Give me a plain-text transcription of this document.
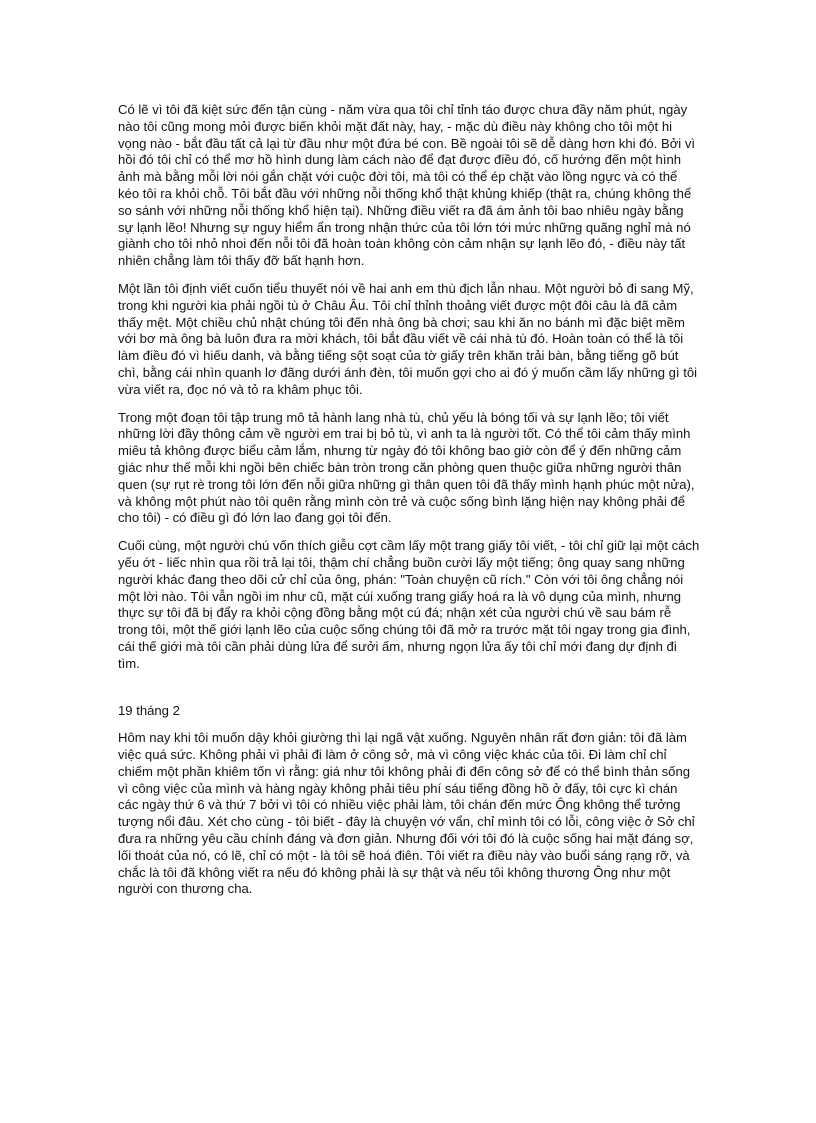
Có lẽ vì tôi đã kiệt sức đến tận cùng - năm vừa qua tôi chỉ tỉnh táo được chưa đầy năm phút, ngày nào tôi cũng mong mỏi được biến khỏi mặt đất này, hay, - mặc dù điều này không cho tôi một hi vọng nào - bắt đầu tất cả lại từ đầu như một đứa bé con. Bề ngoài tôi sẽ dễ dàng hơn khi đó. Bởi vì hồi đó tôi chỉ có thể mơ hồ hình dung làm cách nào để đạt được điều đó, cố hướng đến một hình ảnh mà bằng mỗi lời nói gắn chặt với cuộc đời tôi, mà tôi có thể ép chặt vào lồng ngực và có thể kéo tôi ra khỏi chỗ. Tôi bắt đầu với những nỗi thống khổ thật khủng khiếp (thật ra, chúng không thể so sánh với những nỗi thống khổ hiện tại). Những điều viết ra đã ám ảnh tôi bao nhiêu ngày bằng sự lạnh lẽo! Nhưng sự nguy hiểm ẩn trong nhận thức của tôi lớn tới mức những quãng nghỉ mà nó giành cho tôi nhỏ nhoi đến nỗi tôi đã hoàn toàn không còn cảm nhận sự lạnh lẽo đó, - điều này tất nhiên chẳng làm tôi thấy đỡ bất hạnh hơn.

Một lần tôi định viết cuốn tiểu thuyết nói về hai anh em thù địch lẫn nhau. Một người bỏ đi sang Mỹ, trong khi người kia phải ngồi tù ở Châu Âu. Tôi chỉ thỉnh thoảng viết được một đôi câu là đã cảm thấy mệt. Một chiều chủ nhật chúng tôi đến nhà ông bà chơi; sau khi ăn no bánh mì đặc biệt mềm với bơ mà ông bà luôn đưa ra mời khách, tôi bắt đầu viết về cái nhà tù đó. Hoàn toàn có thể là tôi làm điều đó vì hiếu danh, và bằng tiếng sột soạt của tờ giấy trên khăn trải bàn, bằng tiếng gõ bút chì, bằng cái nhìn quanh lơ đãng dưới ánh đèn, tôi muốn gợi cho ai đó ý muốn cầm lấy những gì tôi vừa viết ra, đọc nó và tỏ ra khâm phục tôi.

Trong một đoạn tôi tập trung mô tả hành lang nhà tù, chủ yếu là bóng tối và sự lạnh lẽo; tôi viết những lời đầy thông cảm về người em trai bị bỏ tù, vì anh ta là người tốt. Có thể tôi cảm thấy mình miêu tả không được biểu cảm lắm, nhưng từ ngày đó tôi không bao giờ còn để ý đến những cảm giác như thế mỗi khi ngồi bên chiếc bàn tròn trong căn phòng quen thuộc giữa những người thân quen (sự rụt rè trong tôi lớn đến nỗi giữa những gì thân quen tôi đã thấy mình hạnh phúc một nửa), và không một phút nào tôi quên rằng mình còn trẻ và cuộc sống bình lặng hiện nay không phải để cho tôi) - có điều gì đó lớn lao đang gọi tôi đến.

Cuối cùng, một người chú vốn thích giễu cợt cầm lấy một trang giấy tôi viết, - tôi chỉ giữ lại một cách yếu ớt - liếc nhìn qua rồi trả lại tôi, thậm chí chẳng buồn cười lấy một tiếng; ông quay sang những người khác đang theo dõi cử chỉ của ông, phán: "Toàn chuyện cũ rích." Còn với tôi ông chẳng nói một lời nào. Tôi vẫn ngồi im như cũ, mặt cúi xuống trang giấy hoá ra là vô dụng của mình, nhưng thực sự tôi đã bị đẩy ra khỏi cộng đồng bằng một cú đá; nhận xét của người chú về sau bám rễ trong tôi, một thế giới lạnh lẽo của cuộc sống chúng tôi đã mở ra trước mặt tôi ngay trong gia đình, cái thế giới mà tôi cần phải dùng lửa để sưởi ấm, nhưng ngọn lửa ấy tôi chỉ mới đang dự định đi tìm.

19 tháng 2

Hôm nay khi tôi muốn dậy khỏi giường thì lại ngã vật xuống. Nguyên nhân rất đơn giản: tôi đã làm việc quá sức. Không phải vì phải đi làm ở công sở, mà vì công việc khác của tôi. Đi làm chỉ chỉ chiếm một phần khiêm tốn vì rằng: giá như tôi không phải đi đến công sở để có thể bình thản sống vì công việc của mình và hàng ngày không phải tiêu phí sáu tiếng đồng hồ ở đấy, tôi cực kì chán các ngày thứ 6 và thứ 7 bởi vì tôi có nhiều việc phải làm, tôi chán đến mức Ông không thể tưởng tượng nổi đâu. Xét cho cùng - tôi biết - đây là chuyện vớ vẩn, chỉ mình tôi có lỗi, công việc ở Sở chỉ đưa ra những yêu cầu chính đáng và đơn giản. Nhưng đối với tôi đó là cuộc sống hai mặt đáng sợ, lối thoát của nó, có lẽ, chỉ có một - là tôi sẽ hoá điên. Tôi viết ra điều này vào buổi sáng rạng rỡ, và chắc là tôi đã không viết ra nếu đó không phải là sự thật và nếu tôi không thương Ông như một người con thương cha.
